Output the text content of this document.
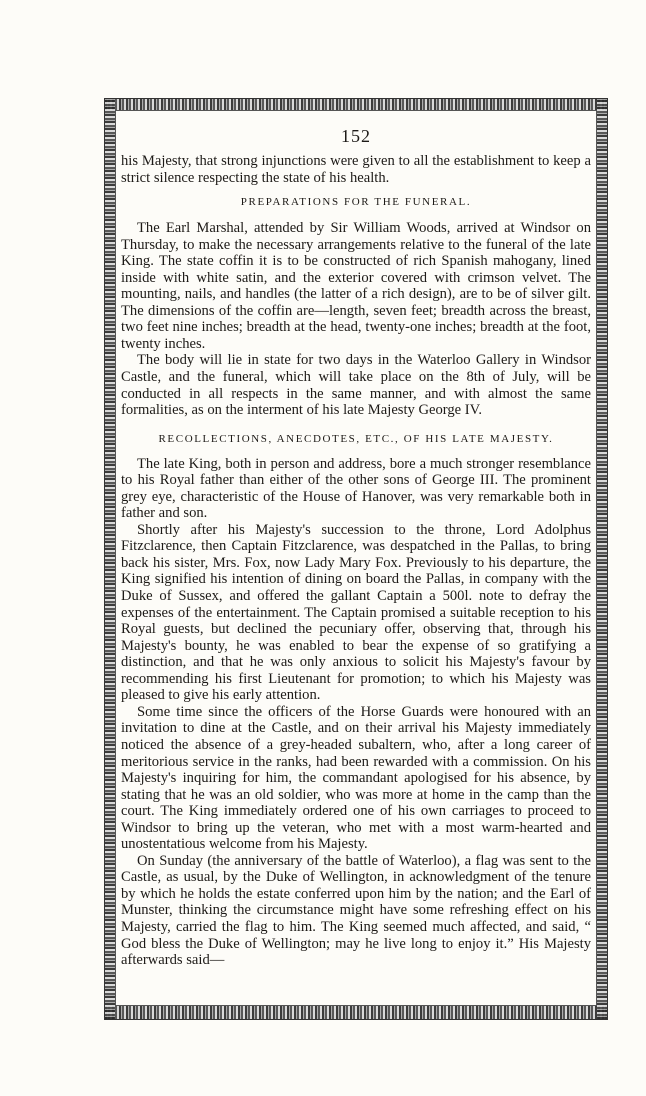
152

his Majesty, that strong injunctions were given to all the establishment to keep a strict silence respecting the state of his health.

PREPARATIONS FOR THE FUNERAL.

The Earl Marshal, attended by Sir William Woods, arrived at Windsor on Thursday, to make the necessary arrangements relative to the funeral of the late King. The state coffin it is to be constructed of rich Spanish mahogany, lined inside with white satin, and the exterior covered with crimson velvet. The mounting, nails, and handles (the latter of a rich design), are to be of silver gilt. The dimensions of the coffin are—length, seven feet; breadth across the breast, two feet nine inches; breadth at the head, twenty-one inches; breadth at the foot, twenty inches.

The body will lie in state for two days in the Waterloo Gallery in Windsor Castle, and the funeral, which will take place on the 8th of July, will be conducted in all respects in the same manner, and with almost the same formalities, as on the interment of his late Majesty George IV.

RECOLLECTIONS, ANECDOTES, ETC., OF HIS LATE MAJESTY.

The late King, both in person and address, bore a much stronger resemblance to his Royal father than either of the other sons of George III. The prominent grey eye, characteristic of the House of Hanover, was very remarkable both in father and son.

Shortly after his Majesty's succession to the throne, Lord Adolphus Fitzclarence, then Captain Fitzclarence, was despatched in the Pallas, to bring back his sister, Mrs. Fox, now Lady Mary Fox. Previously to his departure, the King signified his intention of dining on board the Pallas, in company with the Duke of Sussex, and offered the gallant Captain a 500l. note to defray the expenses of the entertainment. The Captain promised a suitable reception to his Royal guests, but declined the pecuniary offer, observing that, through his Majesty's bounty, he was enabled to bear the expense of so gratifying a distinction, and that he was only anxious to solicit his Majesty's favour by recommending his first Lieutenant for promotion; to which his Majesty was pleased to give his early attention.

Some time since the officers of the Horse Guards were honoured with an invitation to dine at the Castle, and on their arrival his Majesty immediately noticed the absence of a grey-headed subaltern, who, after a long career of meritorious service in the ranks, had been rewarded with a commission. On his Majesty's inquiring for him, the commandant apologised for his absence, by stating that he was an old soldier, who was more at home in the camp than the court. The King immediately ordered one of his own carriages to proceed to Windsor to bring up the veteran, who met with a most warm-hearted and unostentatious welcome from his Majesty.

On Sunday (the anniversary of the battle of Waterloo), a flag was sent to the Castle, as usual, by the Duke of Wellington, in acknowledgment of the tenure by which he holds the estate conferred upon him by the nation; and the Earl of Munster, thinking the circumstance might have some refreshing effect on his Majesty, carried the flag to him. The King seemed much affected, and said, “ God bless the Duke of Wellington; may he live long to enjoy it.” His Majesty afterwards said—
